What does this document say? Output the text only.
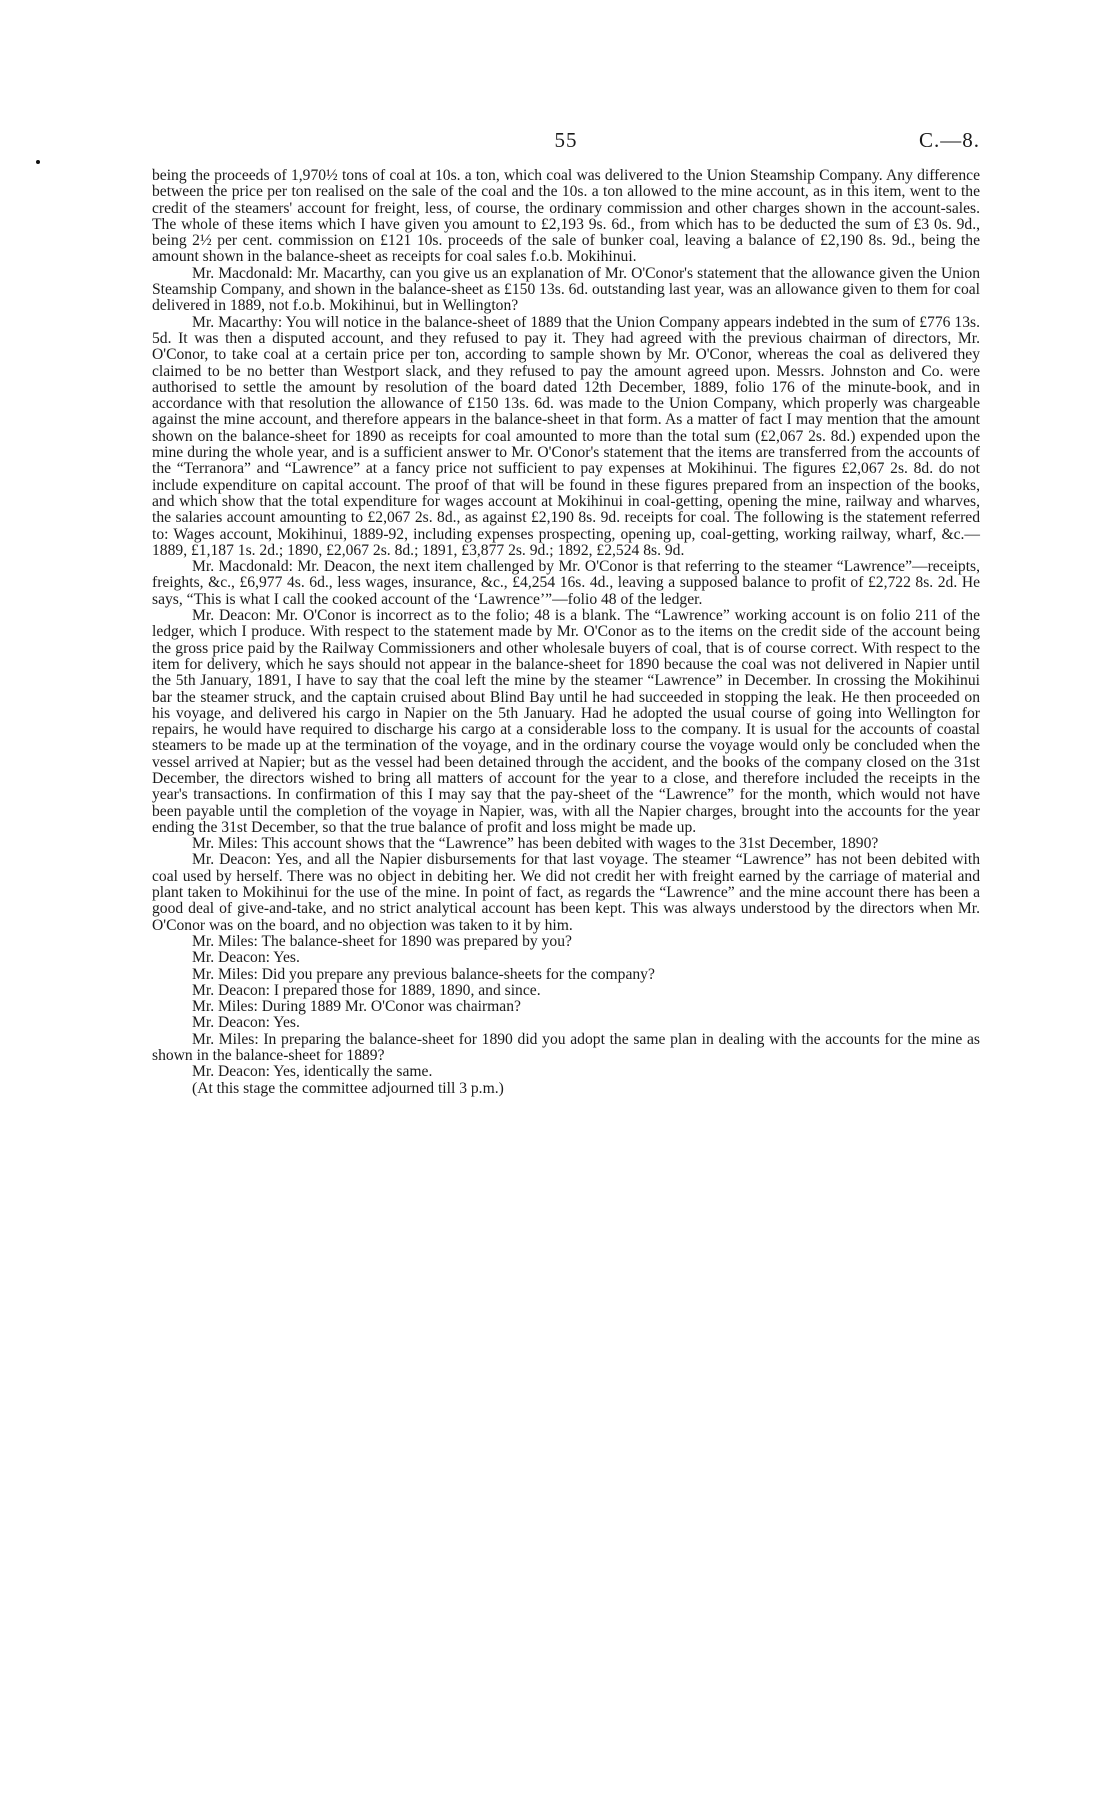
55	C.—8.

being the proceeds of 1,970½ tons of coal at 10s. a ton, which coal was delivered to the Union Steamship Company. Any difference between the price per ton realised on the sale of the coal and the 10s. a ton allowed to the mine account, as in this item, went to the credit of the steamers' account for freight, less, of course, the ordinary commission and other charges shown in the account-sales. The whole of these items which I have given you amount to £2,193 9s. 6d., from which has to be deducted the sum of £3 0s. 9d., being 2½ per cent. commission on £121 10s. proceeds of the sale of bunker coal, leaving a balance of £2,190 8s. 9d., being the amount shown in the balance-sheet as receipts for coal sales f.o.b. Mokihinui.

Mr. Macdonald: Mr. Macarthy, can you give us an explanation of Mr. O'Conor's statement that the allowance given the Union Steamship Company, and shown in the balance-sheet as £150 13s. 6d. outstanding last year, was an allowance given to them for coal delivered in 1889, not f.o.b. Mokihinui, but in Wellington?

Mr. Macarthy: You will notice in the balance-sheet of 1889 that the Union Company appears indebted in the sum of £776 13s. 5d. It was then a disputed account, and they refused to pay it. They had agreed with the previous chairman of directors, Mr. O'Conor, to take coal at a certain price per ton, according to sample shown by Mr. O'Conor, whereas the coal as delivered they claimed to be no better than Westport slack, and they refused to pay the amount agreed upon. Messrs. Johnston and Co. were authorised to settle the amount by resolution of the board dated 12th December, 1889, folio 176 of the minute-book, and in accordance with that resolution the allowance of £150 13s. 6d. was made to the Union Company, which properly was chargeable against the mine account, and therefore appears in the balance-sheet in that form. As a matter of fact I may mention that the amount shown on the balance-sheet for 1890 as receipts for coal amounted to more than the total sum (£2,067 2s. 8d.) expended upon the mine during the whole year, and is a sufficient answer to Mr. O'Conor's statement that the items are transferred from the accounts of the “Terranora” and “Lawrence” at a fancy price not sufficient to pay expenses at Mokihinui. The figures £2,067 2s. 8d. do not include expenditure on capital account. The proof of that will be found in these figures prepared from an inspection of the books, and which show that the total expenditure for wages account at Mokihinui in coal-getting, opening the mine, railway and wharves, the salaries account amounting to £2,067 2s. 8d., as against £2,190 8s. 9d. receipts for coal. The following is the statement referred to: Wages account, Mokihinui, 1889-92, including expenses prospecting, opening up, coal-getting, working railway, wharf, &c.—1889, £1,187 1s. 2d.; 1890, £2,067 2s. 8d.; 1891, £3,877 2s. 9d.; 1892, £2,524 8s. 9d.

Mr. Macdonald: Mr. Deacon, the next item challenged by Mr. O'Conor is that referring to the steamer “Lawrence”—receipts, freights, &c., £6,977 4s. 6d., less wages, insurance, &c., £4,254 16s. 4d., leaving a supposed balance to profit of £2,722 8s. 2d. He says, “This is what I call the cooked account of the ‘Lawrence’”—folio 48 of the ledger.

Mr. Deacon: Mr. O'Conor is incorrect as to the folio; 48 is a blank. The “Lawrence” working account is on folio 211 of the ledger, which I produce. With respect to the statement made by Mr. O'Conor as to the items on the credit side of the account being the gross price paid by the Railway Commissioners and other wholesale buyers of coal, that is of course correct. With respect to the item for delivery, which he says should not appear in the balance-sheet for 1890 because the coal was not delivered in Napier until the 5th January, 1891, I have to say that the coal left the mine by the steamer “Lawrence” in December. In crossing the Mokihinui bar the steamer struck, and the captain cruised about Blind Bay until he had succeeded in stopping the leak. He then proceeded on his voyage, and delivered his cargo in Napier on the 5th January. Had he adopted the usual course of going into Wellington for repairs, he would have required to discharge his cargo at a considerable loss to the company. It is usual for the accounts of coastal steamers to be made up at the termination of the voyage, and in the ordinary course the voyage would only be concluded when the vessel arrived at Napier; but as the vessel had been detained through the accident, and the books of the company closed on the 31st December, the directors wished to bring all matters of account for the year to a close, and therefore included the receipts in the year's transactions. In confirmation of this I may say that the pay-sheet of the “Lawrence” for the month, which would not have been payable until the completion of the voyage in Napier, was, with all the Napier charges, brought into the accounts for the year ending the 31st December, so that the true balance of profit and loss might be made up.

Mr. Miles: This account shows that the “Lawrence” has been debited with wages to the 31st December, 1890?

Mr. Deacon: Yes, and all the Napier disbursements for that last voyage. The steamer “Lawrence” has not been debited with coal used by herself. There was no object in debiting her. We did not credit her with freight earned by the carriage of material and plant taken to Mokihinui for the use of the mine. In point of fact, as regards the “Lawrence” and the mine account there has been a good deal of give-and-take, and no strict analytical account has been kept. This was always understood by the directors when Mr. O'Conor was on the board, and no objection was taken to it by him.

Mr. Miles: The balance-sheet for 1890 was prepared by you?

Mr. Deacon: Yes.

Mr. Miles: Did you prepare any previous balance-sheets for the company?

Mr. Deacon: I prepared those for 1889, 1890, and since.

Mr. Miles: During 1889 Mr. O'Conor was chairman?

Mr. Deacon: Yes.

Mr. Miles: In preparing the balance-sheet for 1890 did you adopt the same plan in dealing with the accounts for the mine as shown in the balance-sheet for 1889?

Mr. Deacon: Yes, identically the same.

(At this stage the committee adjourned till 3 p.m.)
